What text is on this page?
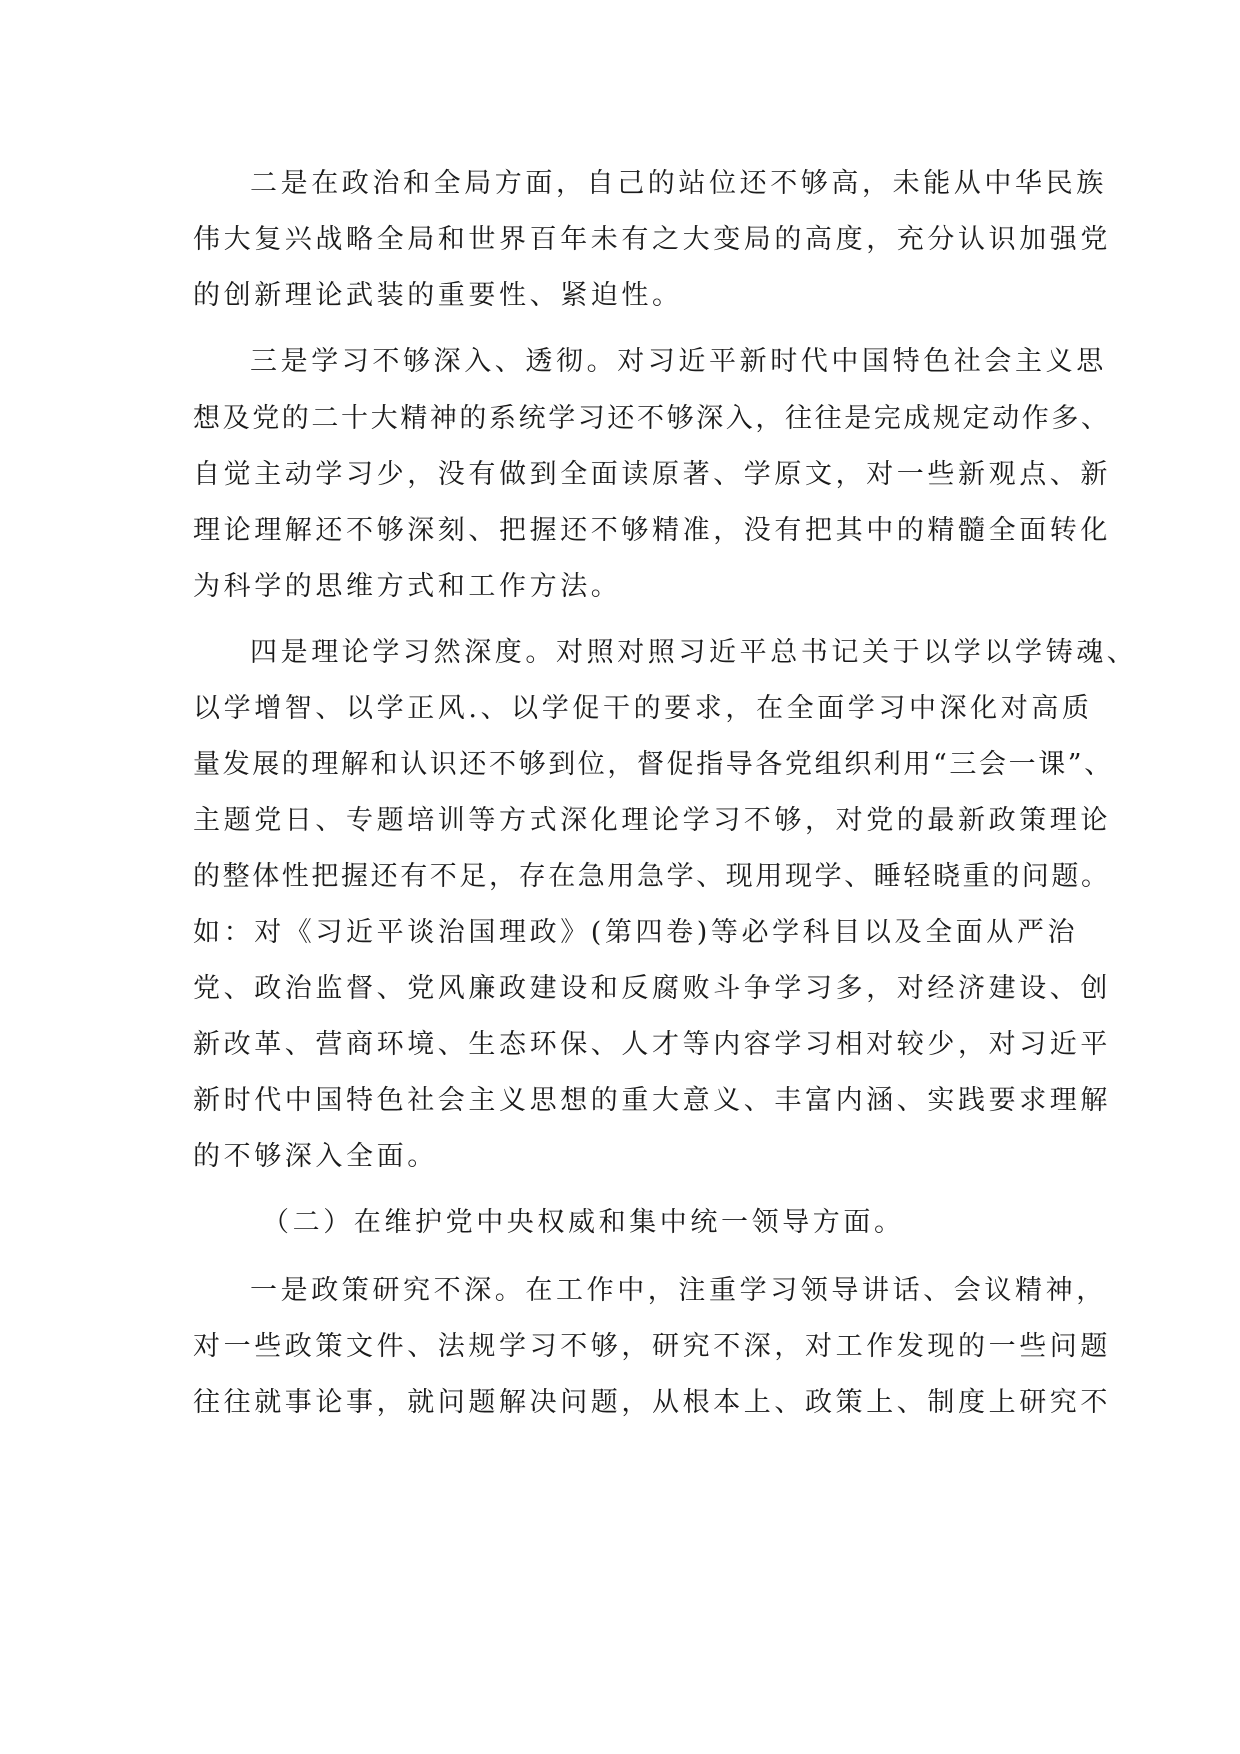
二是在政治和全局方面，自己的站位还不够高，未能从中华民族
伟大复兴战略全局和世界百年未有之大变局的高度，充分认识加强党
的创新理论武装的重要性、紧迫性。
三是学习不够深入、透彻。对习近平新时代中国特色社会主义思
想及党的二十大精神的系统学习还不够深入，往往是完成规定动作多、
自觉主动学习少，没有做到全面读原著、学原文，对一些新观点、新
理论理解还不够深刻、把握还不够精准，没有把其中的精髓全面转化
为科学的思维方式和工作方法。
四是理论学习然深度。对照对照习近平总书记关于以学以学铸魂、
以学增智、以学正风.、以学促干的要求，在全面学习中深化对高质
量发展的理解和认识还不够到位，督促指导各党组织利用“三会一课”、
主题党日、专题培训等方式深化理论学习不够，对党的最新政策理论
的整体性把握还有不足，存在急用急学、现用现学、睡轻晓重的问题。
如：对《习近平谈治国理政》(第四卷)等必学科目以及全面从严治
党、政治监督、党风廉政建设和反腐败斗争学习多，对经济建设、创
新改革、营商环境、生态环保、人才等内容学习相对较少，对习近平
新时代中国特色社会主义思想的重大意义、丰富内涵、实践要求理解
的不够深入全面。
（二）在维护党中央权威和集中统一领导方面。
一是政策研究不深。在工作中，注重学习领导讲话、会议精神，
对一些政策文件、法规学习不够，研究不深，对工作发现的一些问题
往往就事论事，就问题解决问题，从根本上、政策上、制度上研究不
